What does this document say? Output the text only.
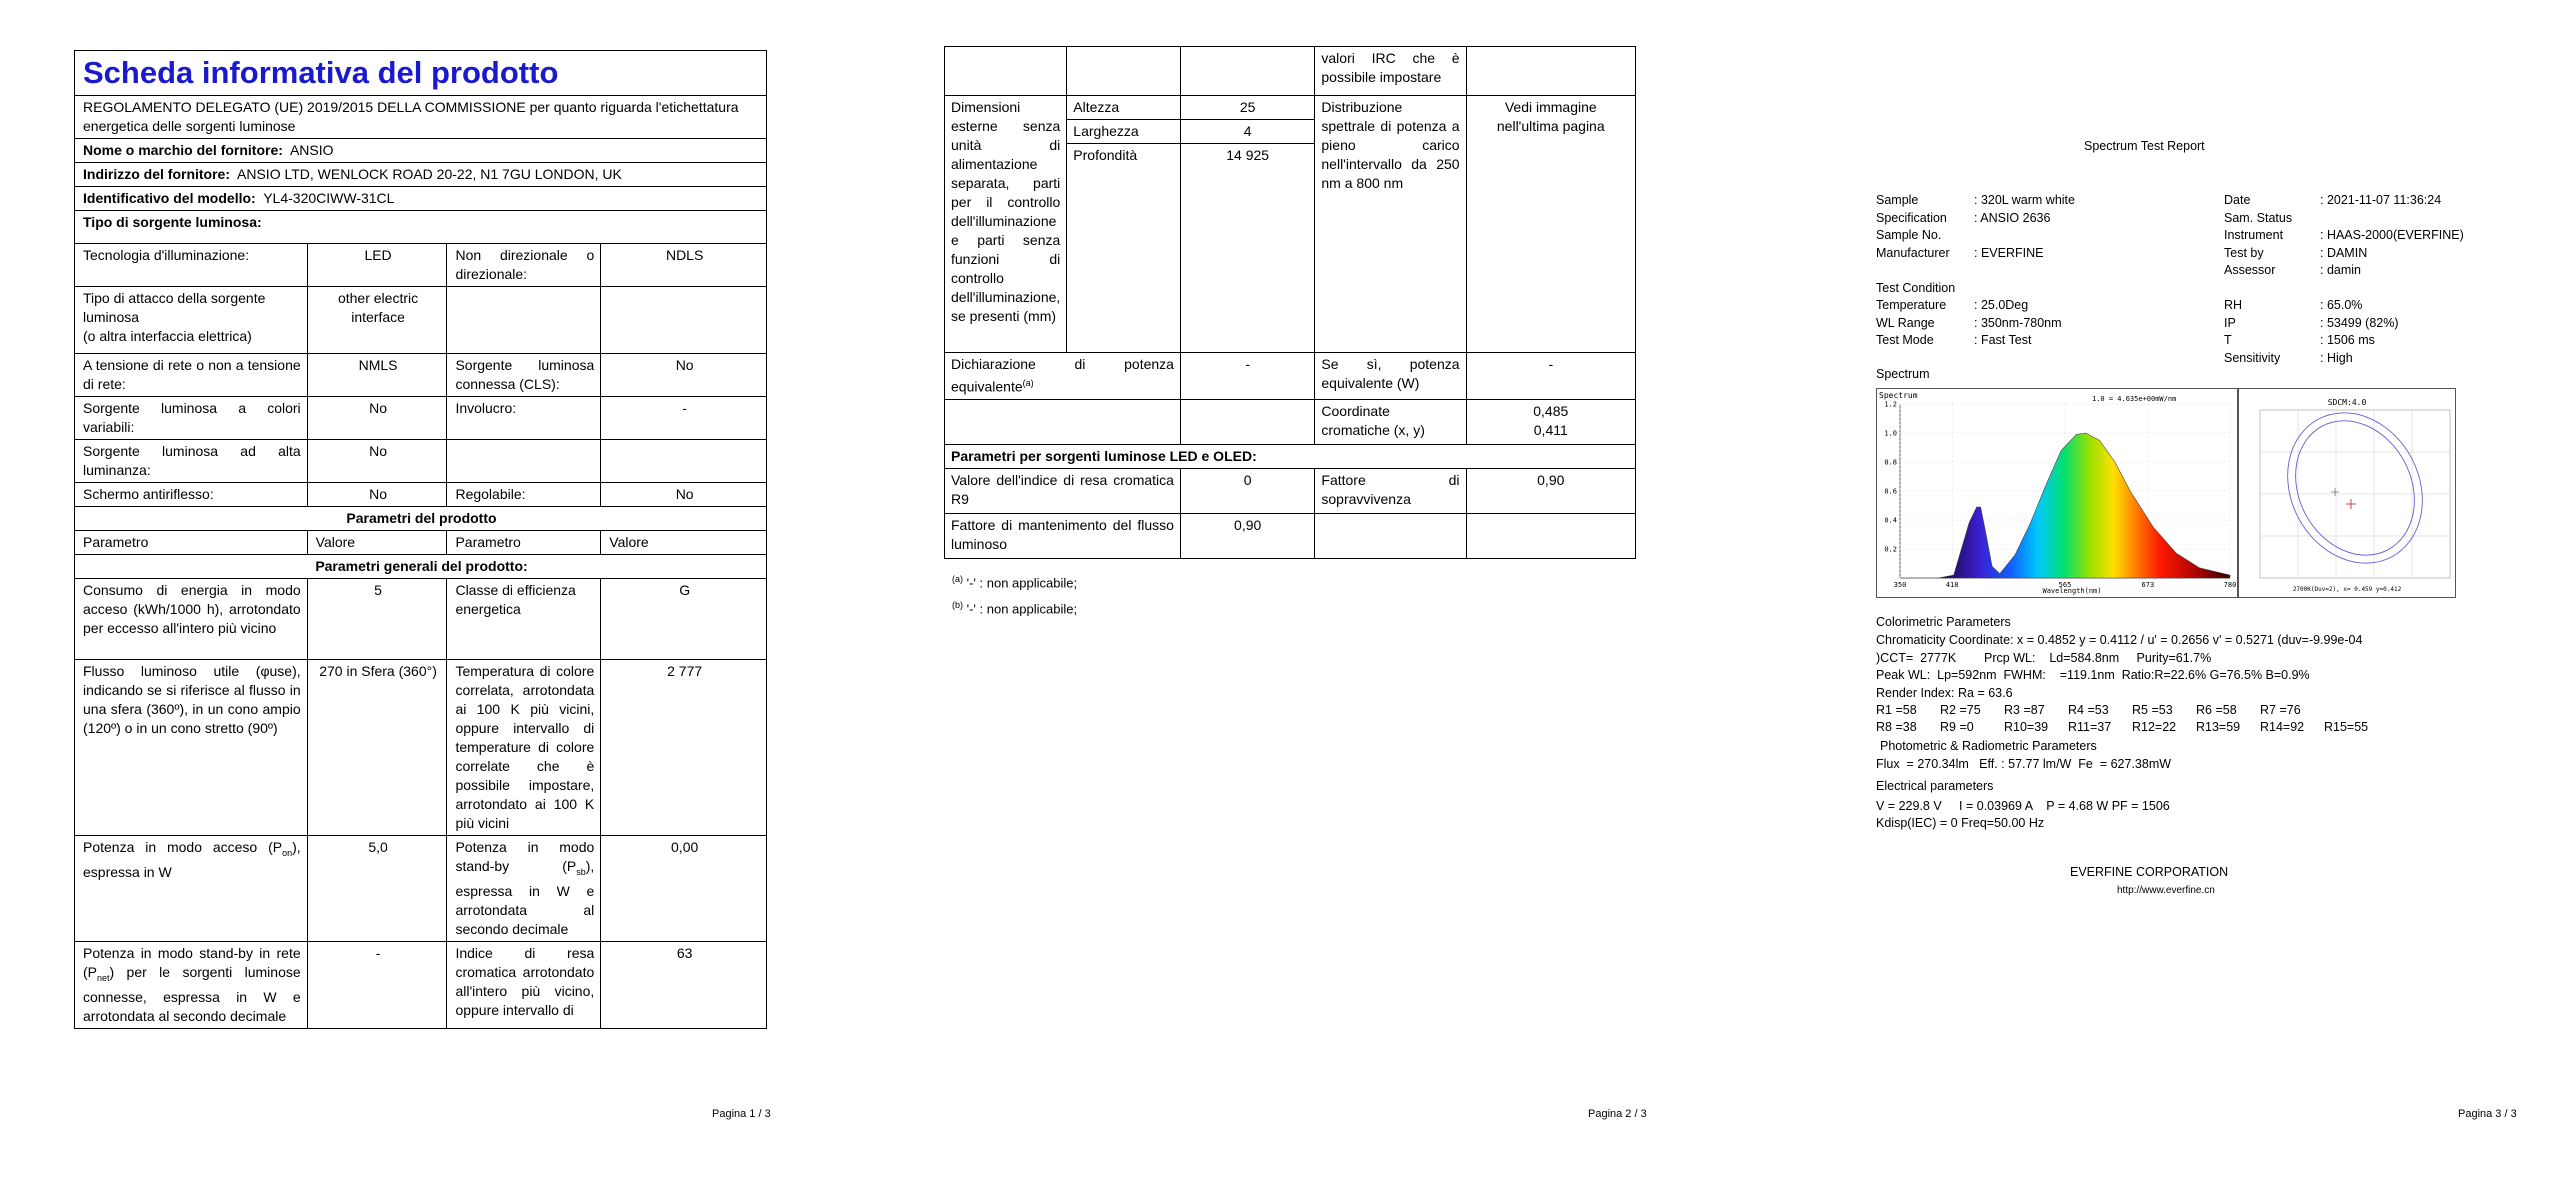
Scheda informativa del prodotto			
REGOLAMENTO DELEGATO (UE) 2019/2015 DELLA COMMISSIONE per quanto riguarda l'etichettatura energetica delle sorgenti luminose			
Nome o marchio del fornitore: ANSIO			
Indirizzo del fornitore: ANSIO LTD, WENLOCK ROAD 20-22, N1 7GU LONDON, UK			
Identificativo del modello: YL4-320CIWW-31CL			
Tipo di sorgente luminosa:			
Tecnologia d'illuminazione:	LED	Non direzionale o direzionale:	NDLS

Tipo di attacco della sorgente luminosa
(o altra interfaccia elettrica)	other electric interface		
A tensione di rete o non a tensione di rete:	NMLS	Sorgente luminosa connessa (CLS):	No
Sorgente luminosa a colori variabili:	No	Involucro:	-
Sorgente luminosa ad alta luminanza:	No		
Schermo antiriflesso:	No	Regolabile:	No
Parametri del prodotto			
Parametro	Valore	Parametro	Valore
Parametri generali del prodotto:			
Consumo di energia in modo acceso (kWh/1000 h), arrotondato per eccesso all'intero più vicino	5	Classe di efficienza energetica	G
Flusso luminoso utile (φuse), indicando se si riferisce al flusso in una sfera (360º), in un cono ampio (120º) o in un cono stretto (90º)	270 in Sfera (360°)	Temperatura di colore correlata, arrotondata ai 100 K più vicini, oppure intervallo di temperature di colore correlate che è possibile impostare, arrotondato ai 100 K più vicini	2 777
Potenza in modo acceso $(P_{on})$, espressa in W	5,0	Potenza in modo stand-by $(P_{sb})$, espressa in W e arrotondata al secondo decimale	0,00
Potenza in modo stand-by in rete $(P_{net})$ per le sorgenti luminose connesse, espressa in W e arrotondata al secondo decimale	-	Indice di resa cromatica arrotondato all'intero più vicino, oppure intervallo di	63
Pagina 1 / 3	Pagina 2 / 3
			valori IRC che è possibile impostare	
Dimensioni esterne senza unità di alimentazione separata, parti per il controllo dell'illuminazione e parti senza funzioni di controllo dell'illuminazione, se presenti (mm)	Altezza	25	Distribuzione spettrale di potenza a pieno carico nell'intervallo da 250 nm a 800 nm	Vedi immagine nell'ultima pagina
	Larghezza	4		
	Profondità	14 925		
Dichiarazione di potenza equivalente$^{(a)}$		-	Se sì, potenza equivalente (W)	-
			Coordinate cromatiche (x, y)	0,485
0,411

Parametri per sorgenti luminose LED e OLED:				
Valore dell'indice di resa cromatica R9		0	Fattore di sopravvivenza	0,90
Fattore di mantenimento del flusso luminoso		0,90		
$^{(a)}$ '-' : non applicabile;
$^{(b)}$ '-' : non applicabile;
Pagina 3 / 3
Spectrum Test Report
Sample	: 320L warm white
Specification : ANSIO 2636
Sample No.
Manufacturer : EVERFINE
Date	: 2021-11-07 11:36:24
Sam. Status
Instrument	: HAAS-2000(EVERFINE)
Test by	: DAMIN
Assessor	: damin
Test Condition
Temperature : 25.0Deg
WL Range	: 350nm-780nm
Test Mode	: Fast Test
RH	: 65.0%
IP	: 53499 (82%)
T	: 1506 ms
Sensitivity	: High
Spectrum
Spectrum	1.0 = 4.635e+00mW/nm
0.2
0.4
0.6
0.8
1.0
1.2
350	418	565	673	780
Wavelength(nm)
SDCM:4.0
2700K(Duv=2), x= 0.459 y=0.412
Colorimetric Parameters
Chromaticity Coordinate: x = 0.4852 y = 0.4112 / u' = 0.2656 v' = 0.5271 (duv=-9.99e-04
)CCT=  2777K        Prcp WL:    Ld=584.8nm     Purity=61.7%
Peak WL:  Lp=592nm  FWHM:    =119.1nm  Ratio:R=22.6% G=76.5% B=0.9%
Render Index: Ra = 63.6
R1 =58 R2 =75 R3 =87 R4 =53 R5 =53 R6 =58 R7 =76
R8 =38 R9 =0 R10=39 R11=37 R12=22 R13=59 R14=92 R15=55
Photometric & Radiometric Parameters
Flux  = 270.34lm   Eff. : 57.77 lm/W  Fe  = 627.38mW
Electrical parameters
V = 229.8 V     I = 0.03969 A    P = 4.68 W PF = 1506
Kdisp(IEC) = 0 Freq=50.00 Hz
EVERFINE CORPORATION
http://www.everfine.cn
